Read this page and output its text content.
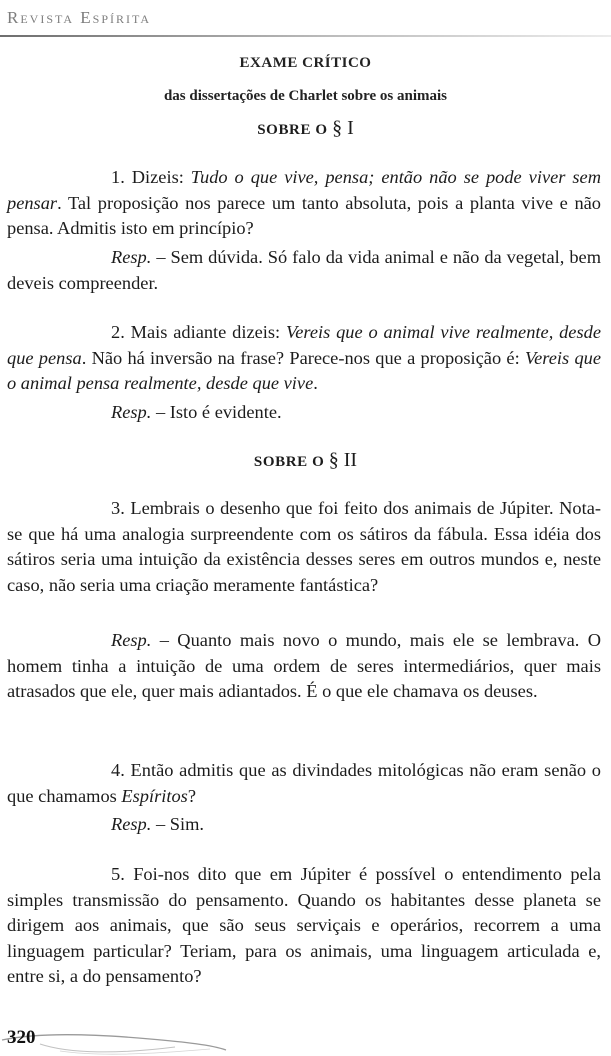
Revista Espírita
EXAME CRÍTICO
das dissertações de Charlet sobre os animais
SOBRE O § I

1. Dizeis: Tudo o que vive, pensa; então não se pode viver sem pensar. Tal proposição nos parece um tanto absoluta, pois a planta vive e não pensa. Admitis isto em princípio?

Resp. – Sem dúvida. Só falo da vida animal e não da vegetal, bem deveis compreender.

2. Mais adiante dizeis: Vereis que o animal vive realmente, desde que pensa. Não há inversão na frase? Parece-nos que a proposição é: Vereis que o animal pensa realmente, desde que vive.

Resp. – Isto é evidente.

SOBRE O § II

3. Lembrais o desenho que foi feito dos animais de Júpiter. Nota-se que há uma analogia surpreendente com os sátiros da fábula. Essa idéia dos sátiros seria uma intuição da existência desses seres em outros mundos e, neste caso, não seria uma criação meramente fantástica?

Resp. – Quanto mais novo o mundo, mais ele se lembrava. O homem tinha a intuição de uma ordem de seres intermediários, quer mais atrasados que ele, quer mais adiantados. É o que ele chamava os deuses.

4. Então admitis que as divindades mitológicas não eram senão o que chamamos Espíritos?

Resp. – Sim.

5. Foi-nos dito que em Júpiter é possível o entendimento pela simples transmissão do pensamento. Quando os habitantes desse planeta se dirigem aos animais, que são seus serviçais e operários, recorrem a uma linguagem particular? Teriam, para os animais, uma linguagem articulada e, entre si, a do pensamento?

320
